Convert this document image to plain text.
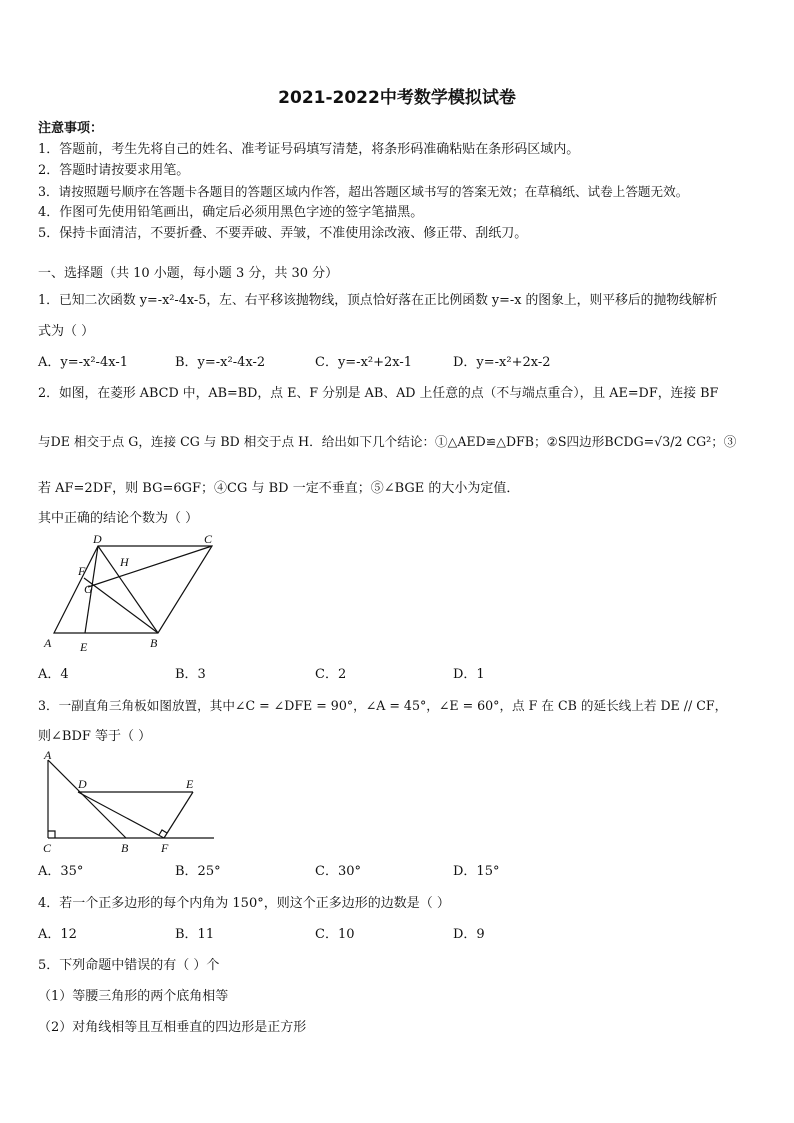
2021-2022中考数学模拟试卷
注意事项：
1．答题前，考生先将自己的姓名、准考证号码填写清楚，将条形码准确粘贴在条形码区域内。
2．答题时请按要求用笔。
3．请按照题号顺序在答题卡各题目的答题区域内作答，超出答题区域书写的答案无效；在草稿纸、试卷上答题无效。
4．作图可先使用铅笔画出，确定后必须用黑色字迹的签字笔描黑。
5．保持卡面清洁，不要折叠、不要弄破、弄皱，不准使用涂改液、修正带、刮纸刀。
一、选择题（共 10 小题，每小题 3 分，共 30 分）
1．已知二次函数 y=-x²-4x-5，左、右平移该抛物线，顶点恰好落在正比例函数 y=-x 的图象上，则平移后的抛物线解析
式为（ ）
A．y=-x²-4x-1	B．y=-x²-4x-2	C．y=-x²+2x-1	D．y=-x²+2x-2
2．如图，在菱形 ABCD 中，AB=BD，点 E、F 分别是 AB、AD 上任意的点（不与端点重合），且 AE=DF，连接 BF
与DE 相交于点 G，连接 CG 与 BD 相交于点 H．给出如下几个结论：①△AED≌△DFB；②S四边形BCDG=√3/2 CG²；③
若 AF=2DF，则 BG=6GF；④CG 与 BD 一定不垂直；⑤∠BGE 的大小为定值．
其中正确的结论个数为（ ）
D	C
H
F
G
A E	B
A．4	B．3	C．2	D．1
3．一副直角三角板如图放置，其中∠C = ∠DFE = 90°，∠A = 45°，∠E = 60°，点 F 在 CB 的延长线上若 DE // CF，
则∠BDF 等于（ ）
A
D	E
C	B	F
A．35°	B．25°	C．30°	D．15°
4．若一个正多边形的每个内角为 150°，则这个正多边形的边数是（ ）
A．12	B．11	C．10	D．9
5．下列命题中错误的有（ ）个
（1）等腰三角形的两个底角相等
（2）对角线相等且互相垂直的四边形是正方形
